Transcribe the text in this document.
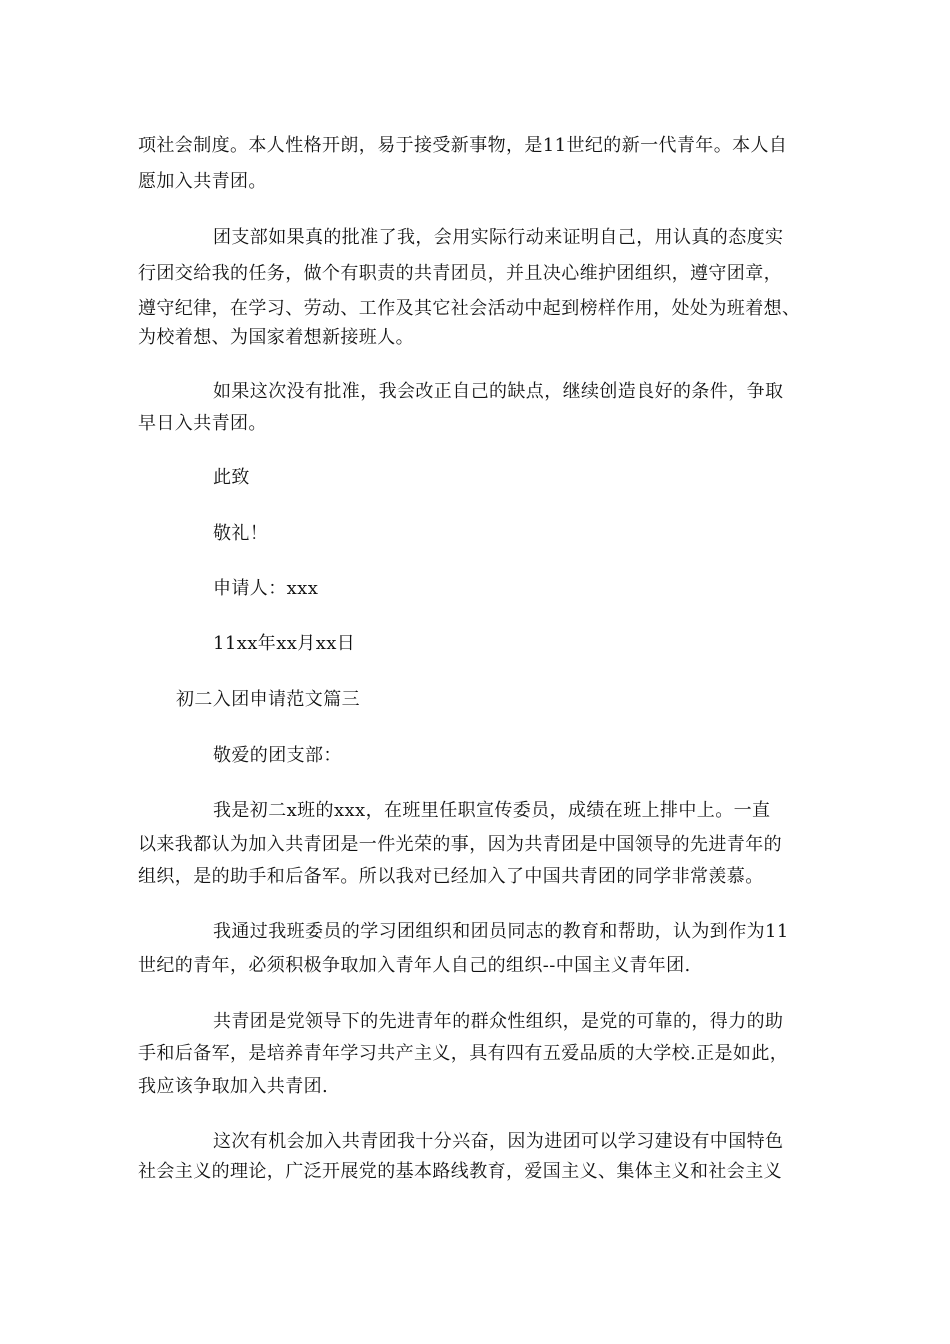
项社会制度。本人性格开朗，易于接受新事物，是11世纪的新一代青年。本人自
愿加入共青团。
团支部如果真的批准了我，会用实际行动来证明自己，用认真的态度实
行团交给我的任务，做个有职责的共青团员，并且决心维护团组织，遵守团章，
遵守纪律，在学习、劳动、工作及其它社会活动中起到榜样作用，处处为班着想、
为校着想、为国家着想新接班人。
如果这次没有批准，我会改正自己的缺点，继续创造良好的条件，争取
早日入共青团。
此致
敬礼！
申请人：xxx
11xx年xx月xx日
初二入团申请范文篇三
敬爱的团支部：
我是初二x班的xxx，在班里任职宣传委员，成绩在班上排中上。一直
以来我都认为加入共青团是一件光荣的事，因为共青团是中国领导的先进青年的
组织，是的助手和后备军。所以我对已经加入了中国共青团的同学非常羡慕。
我通过我班委员的学习团组织和团员同志的教育和帮助，认为到作为11
世纪的青年，必须积极争取加入青年人自己的组织--中国主义青年团.
共青团是党领导下的先进青年的群众性组织，是党的可靠的，得力的助
手和后备军，是培养青年学习共产主义，具有四有五爱品质的大学校.正是如此，
我应该争取加入共青团.
这次有机会加入共青团我十分兴奋，因为进团可以学习建设有中国特色
社会主义的理论，广泛开展党的基本路线教育，爱国主义、集体主义和社会主义
